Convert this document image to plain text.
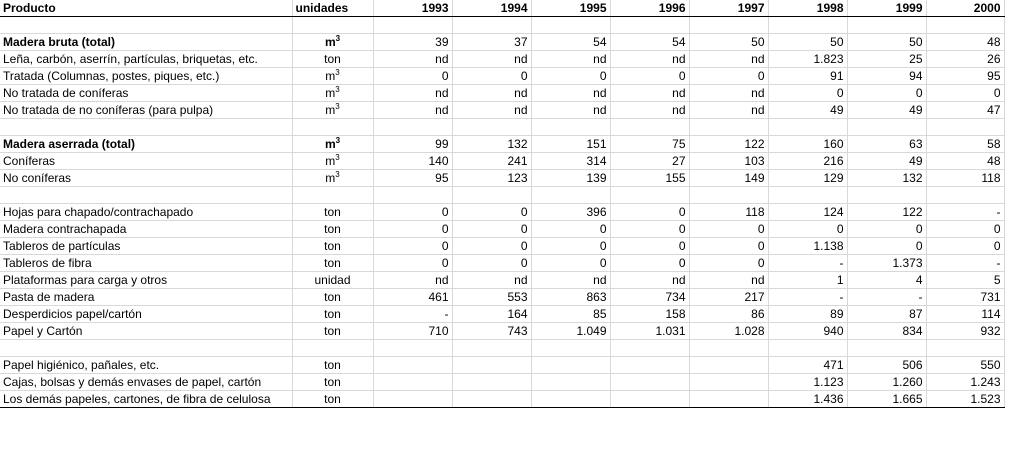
Producto	unidades	1993	1994	1995	1996	1997	1998	1999	2000

Madera bruta (total)	$m^3$	39	37	54	54	50	50	50	48
Leña, carbón, aserrín, partículas, briquetas, etc.	ton	nd	nd	nd	nd	nd	1.823	25	26
Tratada (Columnas, postes, piques, etc.)	$m^3$	0	0	0	0	0	91	94	95
No tratada de coníferas	$m^3$	nd	nd	nd	nd	nd	0	0	0
No tratada de no coníferas (para pulpa)	$m^3$	nd	nd	nd	nd	nd	49	49	47

Madera aserrada (total)	$m^3$	99	132	151	75	122	160	63	58
Coníferas	$m^3$	140	241	314	27	103	216	49	48
No coníferas	$m^3$	95	123	139	155	149	129	132	118

Hojas para chapado/contrachapado	ton	0	0	396	0	118	124	122	-
Madera contrachapada	ton	0	0	0	0	0	0	0	0
Tableros de partículas	ton	0	0	0	0	0	1.138	0	0
Tableros de fibra	ton	0	0	0	0	0	-	1.373	-
Plataformas para carga y otros	unidad	nd	nd	nd	nd	nd	1	4	5
Pasta de madera	ton	461	553	863	734	217	-	-	731
Desperdicios papel/cartón	ton	-	164	85	158	86	89	87	114
Papel y Cartón	ton	710	743	1.049	1.031	1.028	940	834	932

Papel higiénico, pañales, etc.	ton						471	506	550
Cajas, bolsas y demás envases de papel, cartón	ton						1.123	1.260	1.243
Los demás papeles, cartones, de fibra de celulosa	ton						1.436	1.665	1.523
